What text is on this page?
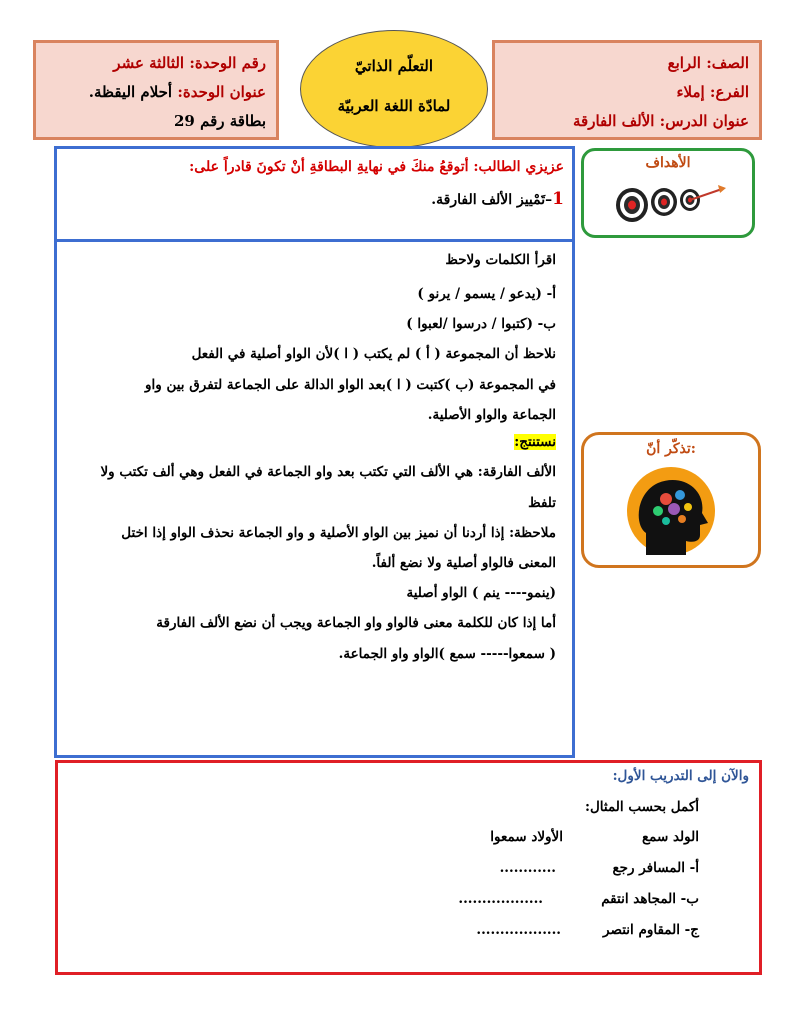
الصف: الرابع
الفرع: إملاء
عنوان الدرس: الألف الفارقة
التعلّم الذاتيّ
لمادّة اللغة العربيّة
رقم الوحدة: الثالثة عشر
عنوان الوحدة: أحلام اليقظة.
بطاقة رقم 29
الأهداف
تذكّر أنّ:
عزيزي الطالب: أتوقعُ منكَ في نهايةِ البطاقةِ أنْ تكونَ قادراً على:
1–تَمْييز الألف الفارقة.
اقرأ الكلمات ولاحظ
أ- (يدعو / يسمو / يرنو )
ب- (كتبوا / درسوا /لعبوا )
نلاحظ أن المجموعة ( أ ) لم يكتب ( ا )لأن الواو أصلية في الفعل
في المجموعة (ب )كتبت ( ا )بعد الواو الدالة على الجماعة لتفرق بين واو
الجماعة والواو الأصلية.
نستنتج:
الألف الفارقة: هي الألف التي تكتب بعد واو الجماعة في الفعل وهي ألف تكتب ولا
تلفظ
ملاحظة: إذا أردنا أن نميز بين الواو الأصلية و واو الجماعة نحذف الواو إذا اختل
المعنى فالواو أصلية ولا نضع ألفاً.
(ينمو---- ينم ) الواو أصلية
أما إذا كان للكلمة معنى فالواو واو الجماعة ويجب أن نضع الألف الفارقة
( سمعوا----- سمع )الواو واو الجماعة.
والآن إلى التدريب الأول:
أكمل بحسب المثال:
الولد سمع
الأولاد سمعوا
أ- المسافر رجع
............
ب- المجاهد انتقم
..................
ج- المقاوم انتصر
..................
